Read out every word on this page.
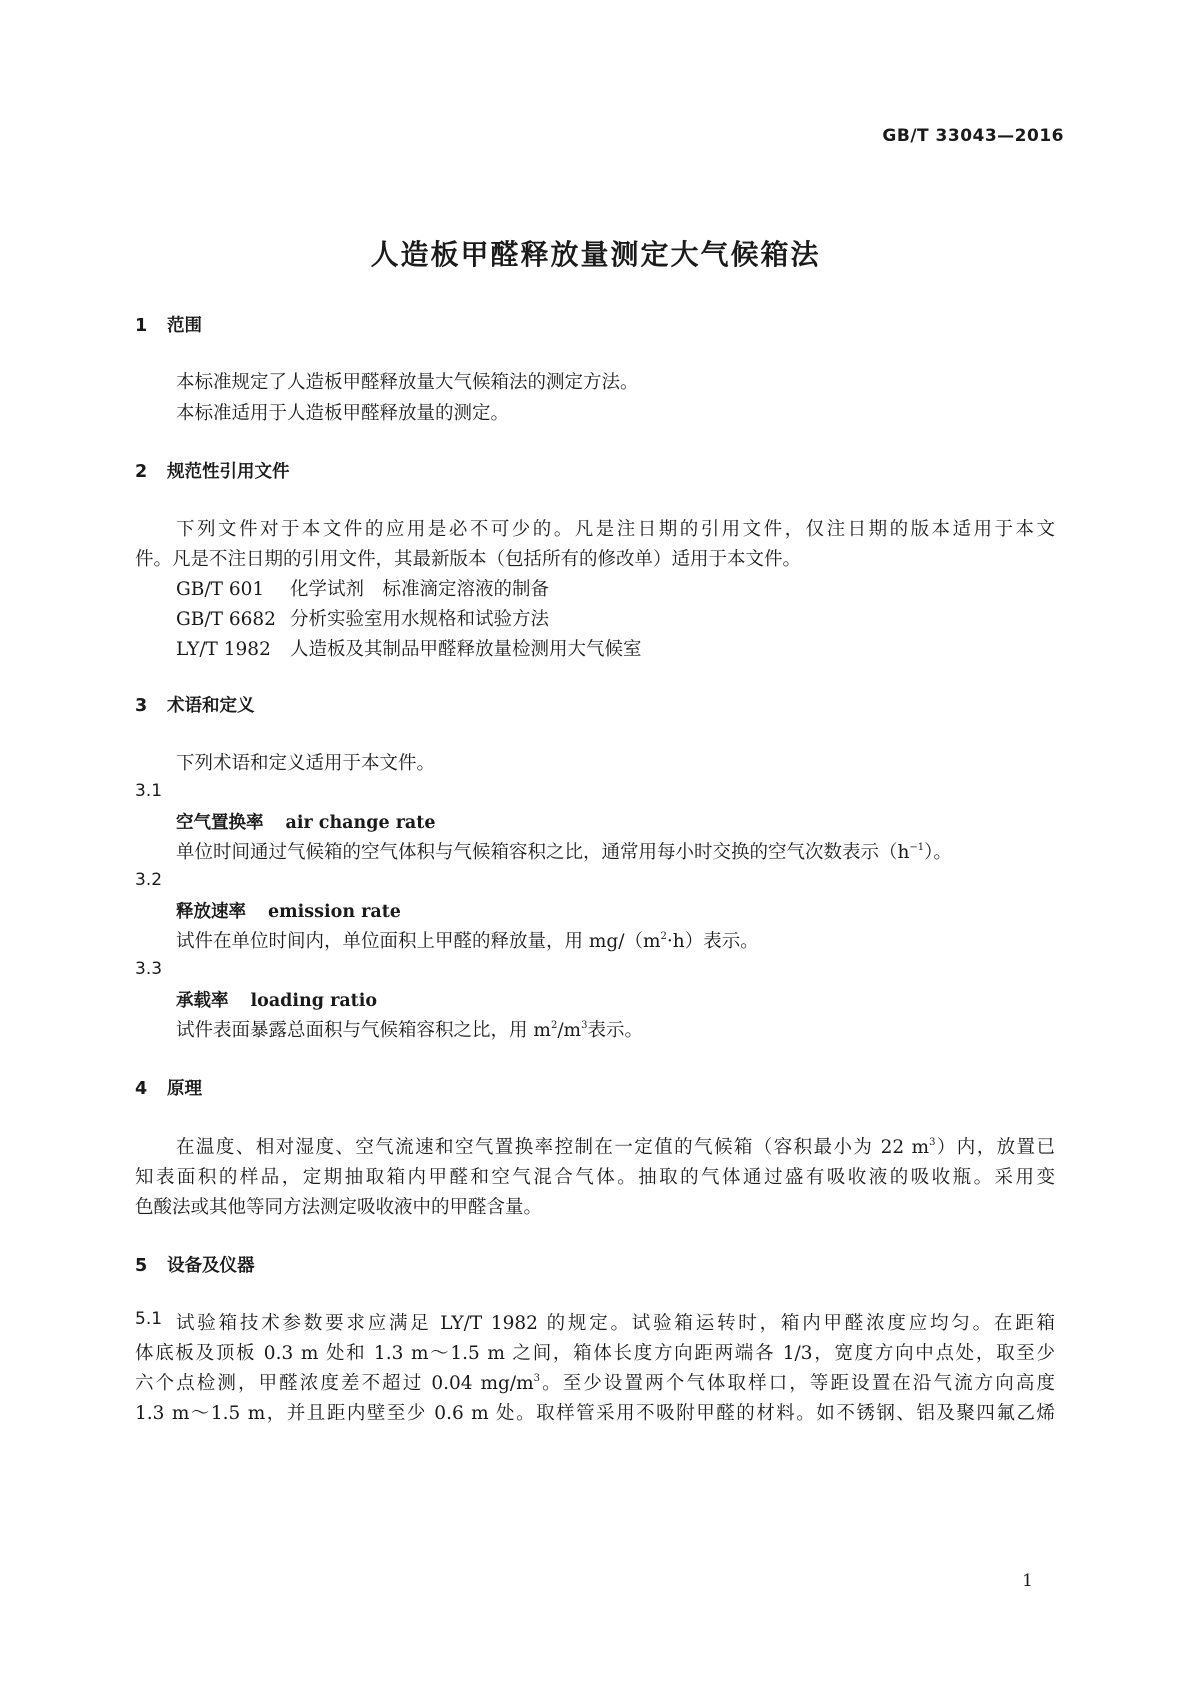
GB/T 33043—2016
人造板甲醛释放量测定大气候箱法
1 范围
本标准规定了人造板甲醛释放量大气候箱法的测定方法。
本标准适用于人造板甲醛释放量的测定。
2 规范性引用文件
下列文件对于本文件的应用是必不可少的。凡是注日期的引用文件，仅注日期的版本适用于本文
件。凡是不注日期的引用文件，其最新版本（包括所有的修改单）适用于本文件。
GB/T 601 化学试剂　标准滴定溶液的制备
GB/T 6682 分析实验室用水规格和试验方法
LY/T 1982 人造板及其制品甲醛释放量检测用大气候室
3 术语和定义
下列术语和定义适用于本文件。
3.1
空气置换率 air change rate
单位时间通过气候箱的空气体积与气候箱容积之比，通常用每小时交换的空气次数表示$(h^{-1})$。
3.2
释放速率 emission rate
试件在单位时间内，单位面积上甲醛的释放量，用 $mg/(m^2\cdot h)$表示。
3.3
承载率 loading ratio
试件表面暴露总面积与气候箱容积之比，用 $m^2/m^3$表示。
4 原理
在温度、相对湿度、空气流速和空气置换率控制在一定值的气候箱（容积最小为 22 $m^3$）内，放置已
知表面积的样品，定期抽取箱内甲醛和空气混合气体。抽取的气体通过盛有吸收液的吸收瓶。采用变
色酸法或其他等同方法测定吸收液中的甲醛含量。
5 设备及仪器
5.1 试验箱技术参数要求应满足 LY/T 1982 的规定。试验箱运转时，箱内甲醛浓度应均匀。在距箱
体底板及顶板 0.3 m 处和 1.3 m～1.5 m 之间，箱体长度方向距两端各 1/3，宽度方向中点处，取至少
六个点检测，甲醛浓度差不超过 0.04 $mg/m^3$。至少设置两个气体取样口，等距设置在沿气流方向高度
1.3 m～1.5 m，并且距内壁至少 0.6 m 处。取样管采用不吸附甲醛的材料。如不锈钢、铝及聚四氟乙烯
1
